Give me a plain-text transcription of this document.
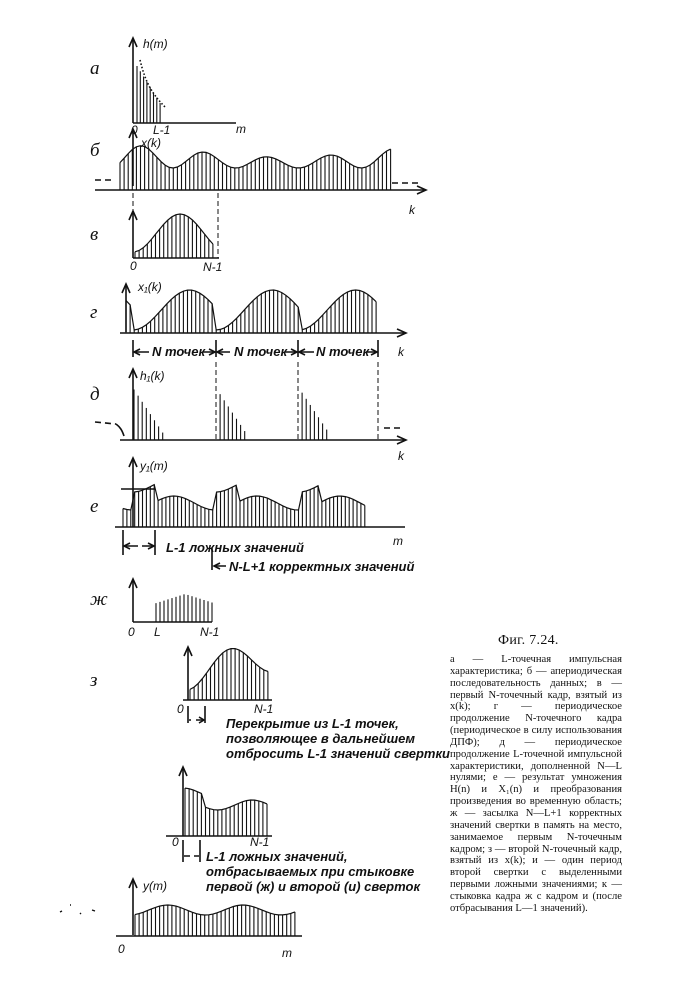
a
h(m)
m
0 L-1
б	x(k)
k
в
0	N-1
г
x₁(k)
k
N точек N точек N точек
д
h₁(k)
k
е
y₁(m)
m
L-1 ложных значений
N-L+1 корректных значений
ж
0 L	N-1
з
0	N-1
Перекрытие из L-1 точек,
позволяющее в дальнейшем
отбросить L-1 значений свертки
0	N-1
L-1 ложных значений,
отбрасываемых при стыковке
первой (ж) и второй (и) сверток
y(m)
m
0
Фиг. 7.24.
а — L-точечная импульсная характеристика; б — апериодическая последовательность данных; в — первый N-точечный кадр, взятый из x(k); г — периодическое продолжение N-точечного кадра (периодическое в силу использования ДПФ); д — периодическое продолжение L-точечной импульсной характеристики, дополненной N—L нулями; е — результат умножения H(n) и X₁(n) и преобразования произведения во временную область; ж — засылка N—L+1 корректных значений свертки в память на место, занимаемое первым N-точечным кадром; з — второй N-точечный кадр, взятый из x(k); и — один период второй свертки с выделенными первыми ложными значениями; к — стыковка кадра ж с кадром и (после отбрасывания L—1 значений).
